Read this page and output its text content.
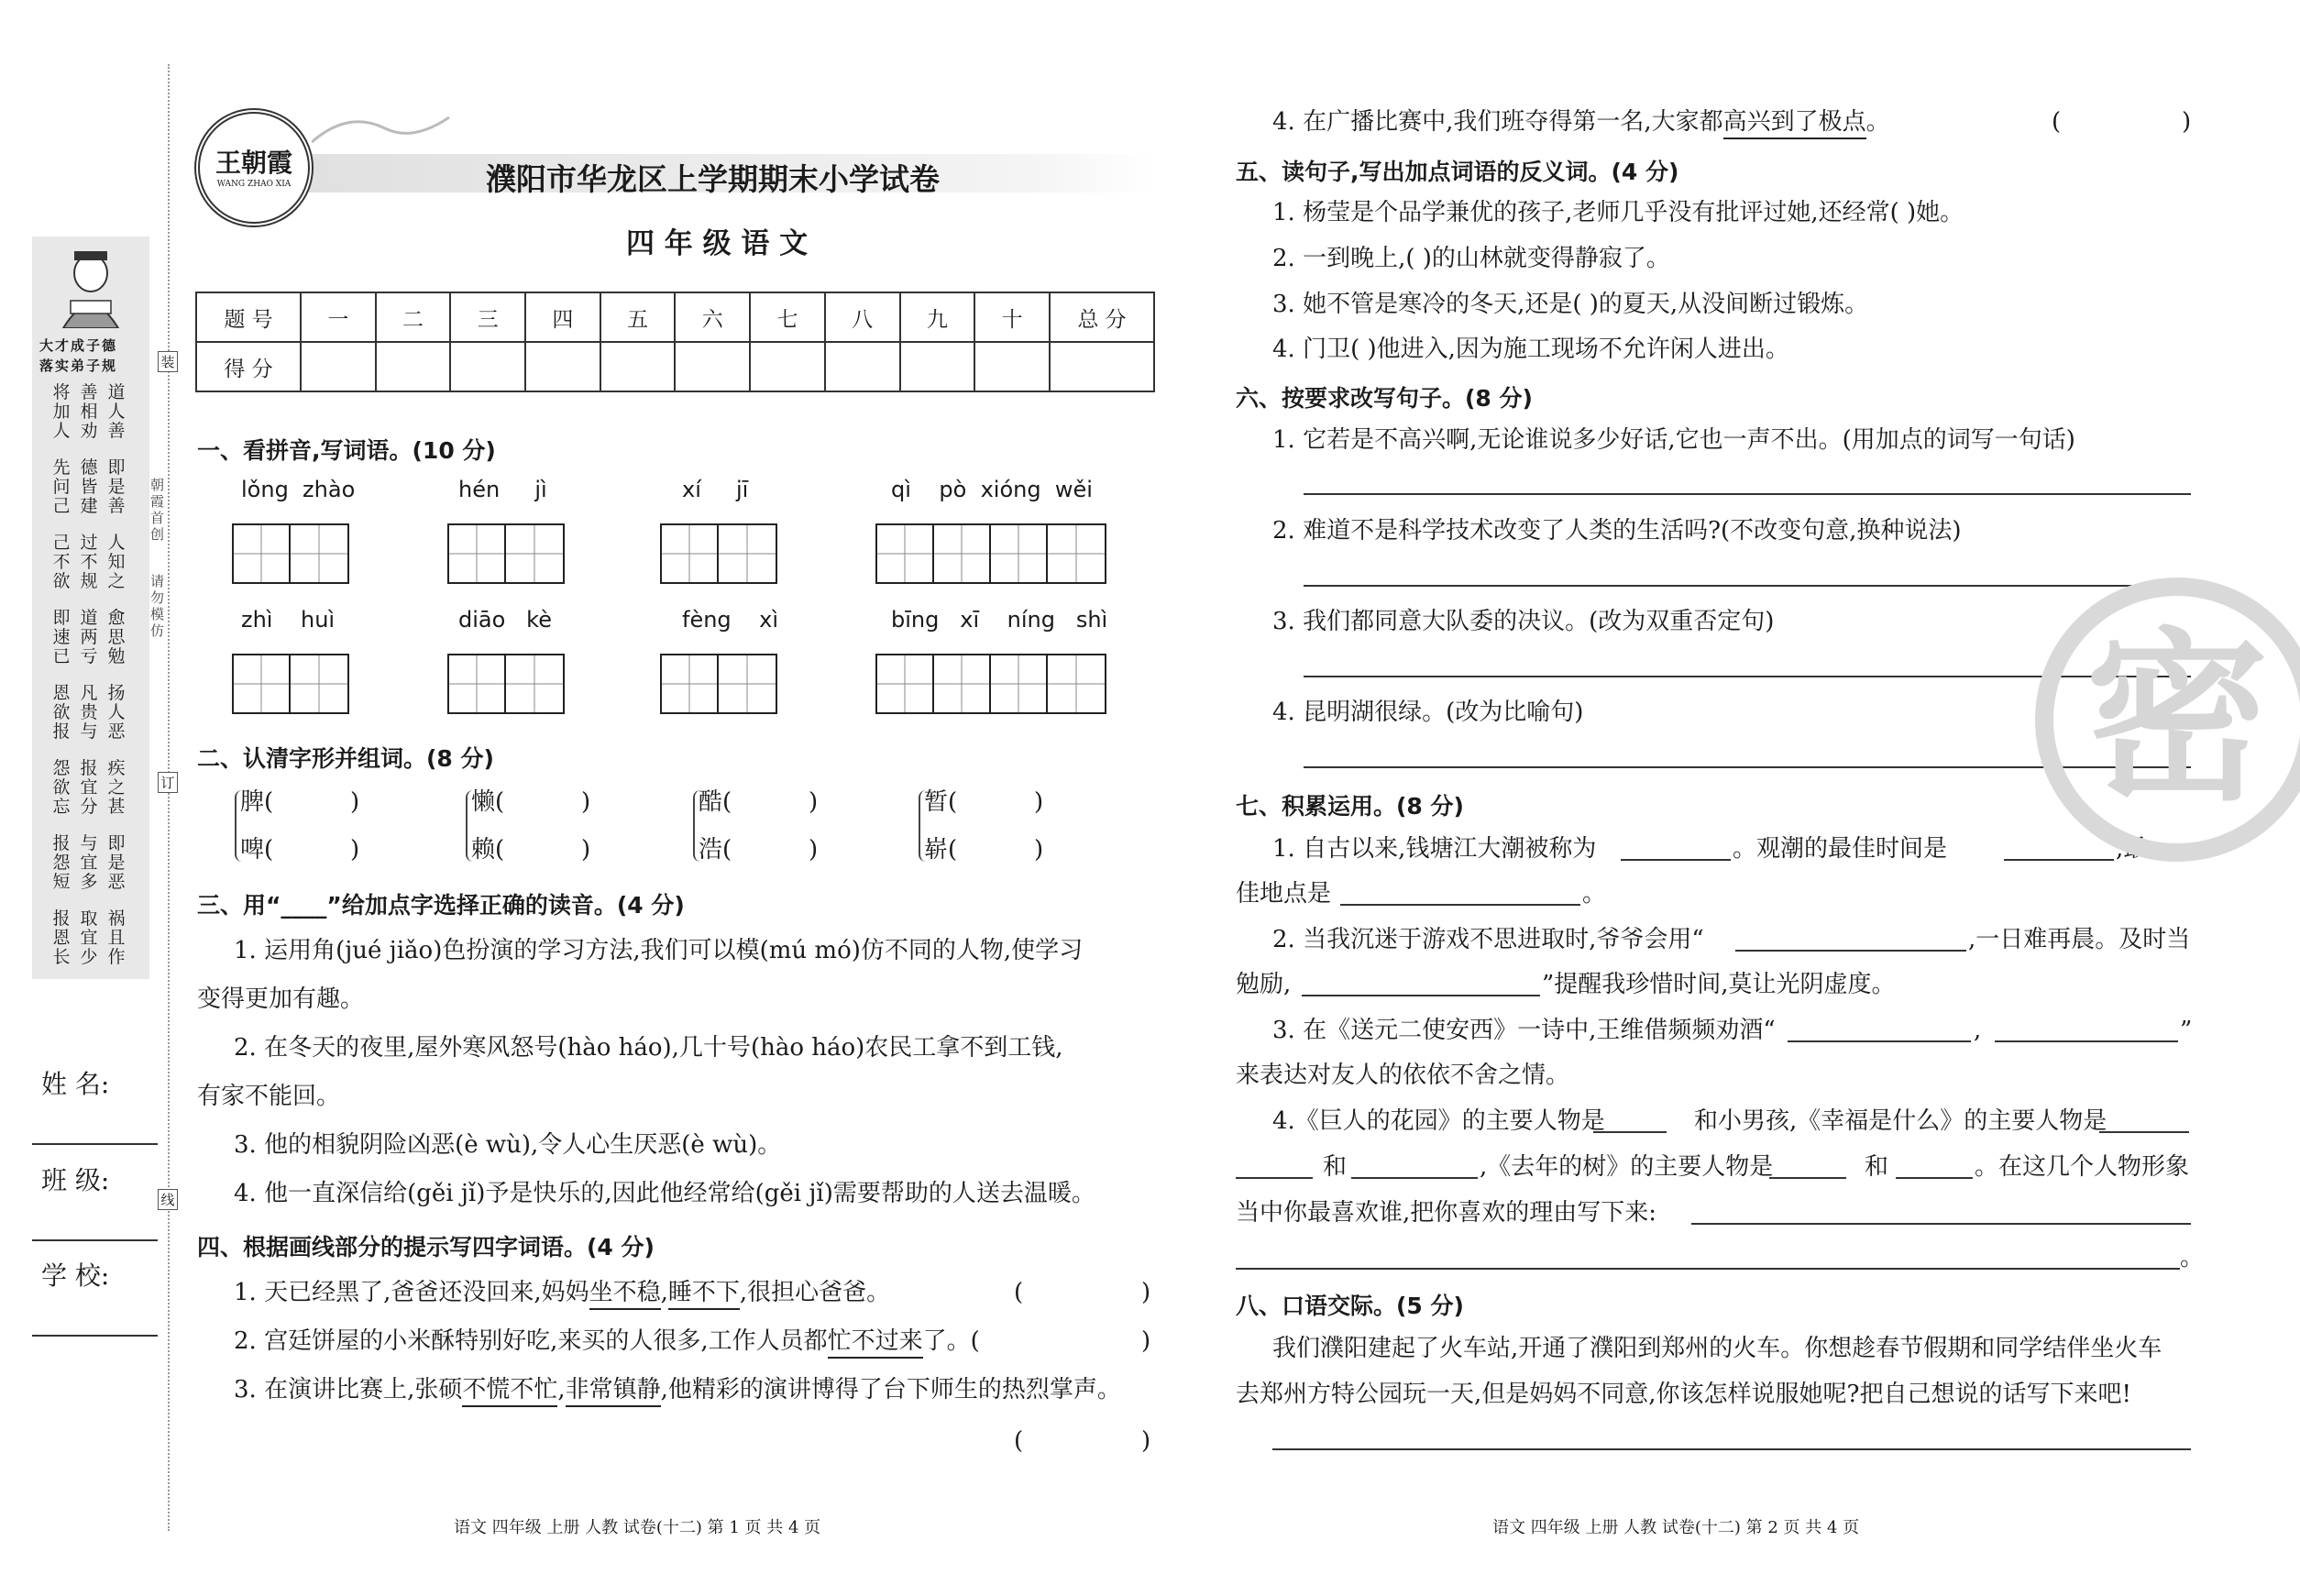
大才成子德
落实弟子规
将加人
善相劝
道人善
先问己
德皆建
即是善
己不欲
过不规
人知之
即速已
道两亏
愈思勉
恩欲报
凡贵与
扬人恶
怨欲忘
报宜分
疾之甚
报怨短
与宜多
即是恶
报恩长
取宜少
祸且作
姓 名:
班 级:
学 校:
装
订
线
朝霞首创
请勿模仿
王朝霞
WANG ZHAO XIA	濮阳市华龙区上学期期末小学试卷
四 年 级 语 文
题 号	一	二	三	四	五	六	七	八	九	十	总 分
得 分											
一、看拼音,写词语。(10 分)
lǒng  zhào	hén     jì	xí     jī	qì    pò  xióng  wěi
zhì    huì	diāo   kè	fèng    xì	bīng   xī    níng   shì
二、认清字形并组词。(8 分)
脾(	)
啤(	)
懒(	)
赖(	)
酷(	)
浩(	)
暂(	)
崭(	)
三、用“____”给加点字选择正确的读音。(4 分)
1. 运用角(jué jiǎo)色扮演的学习方法,我们可以模(mú mó)仿不同的人物,使学习
变得更加有趣。
2. 在冬天的夜里,屋外寒风怒号(hào háo),几十号(hào háo)农民工拿不到工钱,
有家不能回。
3. 他的相貌阴险凶恶(è wù),令人心生厌恶(è wù)。
4. 他一直深信给(gěi jǐ)予是快乐的,因此他经常给(gěi jǐ)需要帮助的人送去温暖。
四、根据画线部分的提示写四字词语。(4 分)
1. 天已经黑了,爸爸还没回来,妈妈坐不稳,睡不下,很担心爸爸。	(	)
2. 宫廷饼屋的小米酥特别好吃,来买的人很多,工作人员都忙不过来了。(	)
3. 在演讲比赛上,张硕不慌不忙,非常镇静,他精彩的演讲博得了台下师生的热烈掌声。
(	)
语文 四年级 上册 人教 试卷(十二) 第 1 页 共 4 页
4. 在广播比赛中,我们班夺得第一名,大家都高兴到了极点。	(	)
五、读句子,写出加点词语的反义词。(4 分)
1. 杨莹是个品学兼优的孩子,老师几乎没有批评过她,还经常( )她。
2. 一到晚上,( )的山林就变得静寂了。
3. 她不管是寒冷的冬天,还是( )的夏天,从没间断过锻炼。
4. 门卫( )他进入,因为施工现场不允许闲人进出。
六、按要求改写句子。(8 分)
1. 它若是不高兴啊,无论谁说多少好话,它也一声不出。(用加点的词写一句话)
2. 难道不是科学技术改变了人类的生活吗?(不改变句意,换种说法)
3. 我们都同意大队委的决议。(改为双重否定句)
4. 昆明湖很绿。(改为比喻句)
七、积累运用。(8 分)
1. 自古以来,钱塘江大潮被称为	。观潮的最佳时间是	,最
佳地点是	。
2. 当我沉迷于游戏不思进取时,爷爷会用“	,一日难再晨。及时当
勉励,	”提醒我珍惜时间,莫让光阴虚度。
3. 在《送元二使安西》一诗中,王维借频频劝酒“	,	”
来表达对友人的依依不舍之情。
4.《巨人的花园》的主要人物是	和小男孩,《幸福是什么》的主要人物是
和	,《去年的树》的主要人物是	和	。在这几个人物形象
当中你最喜欢谁,把你喜欢的理由写下来:
。
八、口语交际。(5 分)
我们濮阳建起了火车站,开通了濮阳到郑州的火车。你想趁春节假期和同学结伴坐火车
去郑州方特公园玩一天,但是妈妈不同意,你该怎样说服她呢?把自己想说的话写下来吧!
语文 四年级 上册 人教 试卷(十二) 第 2 页 共 4 页
密
